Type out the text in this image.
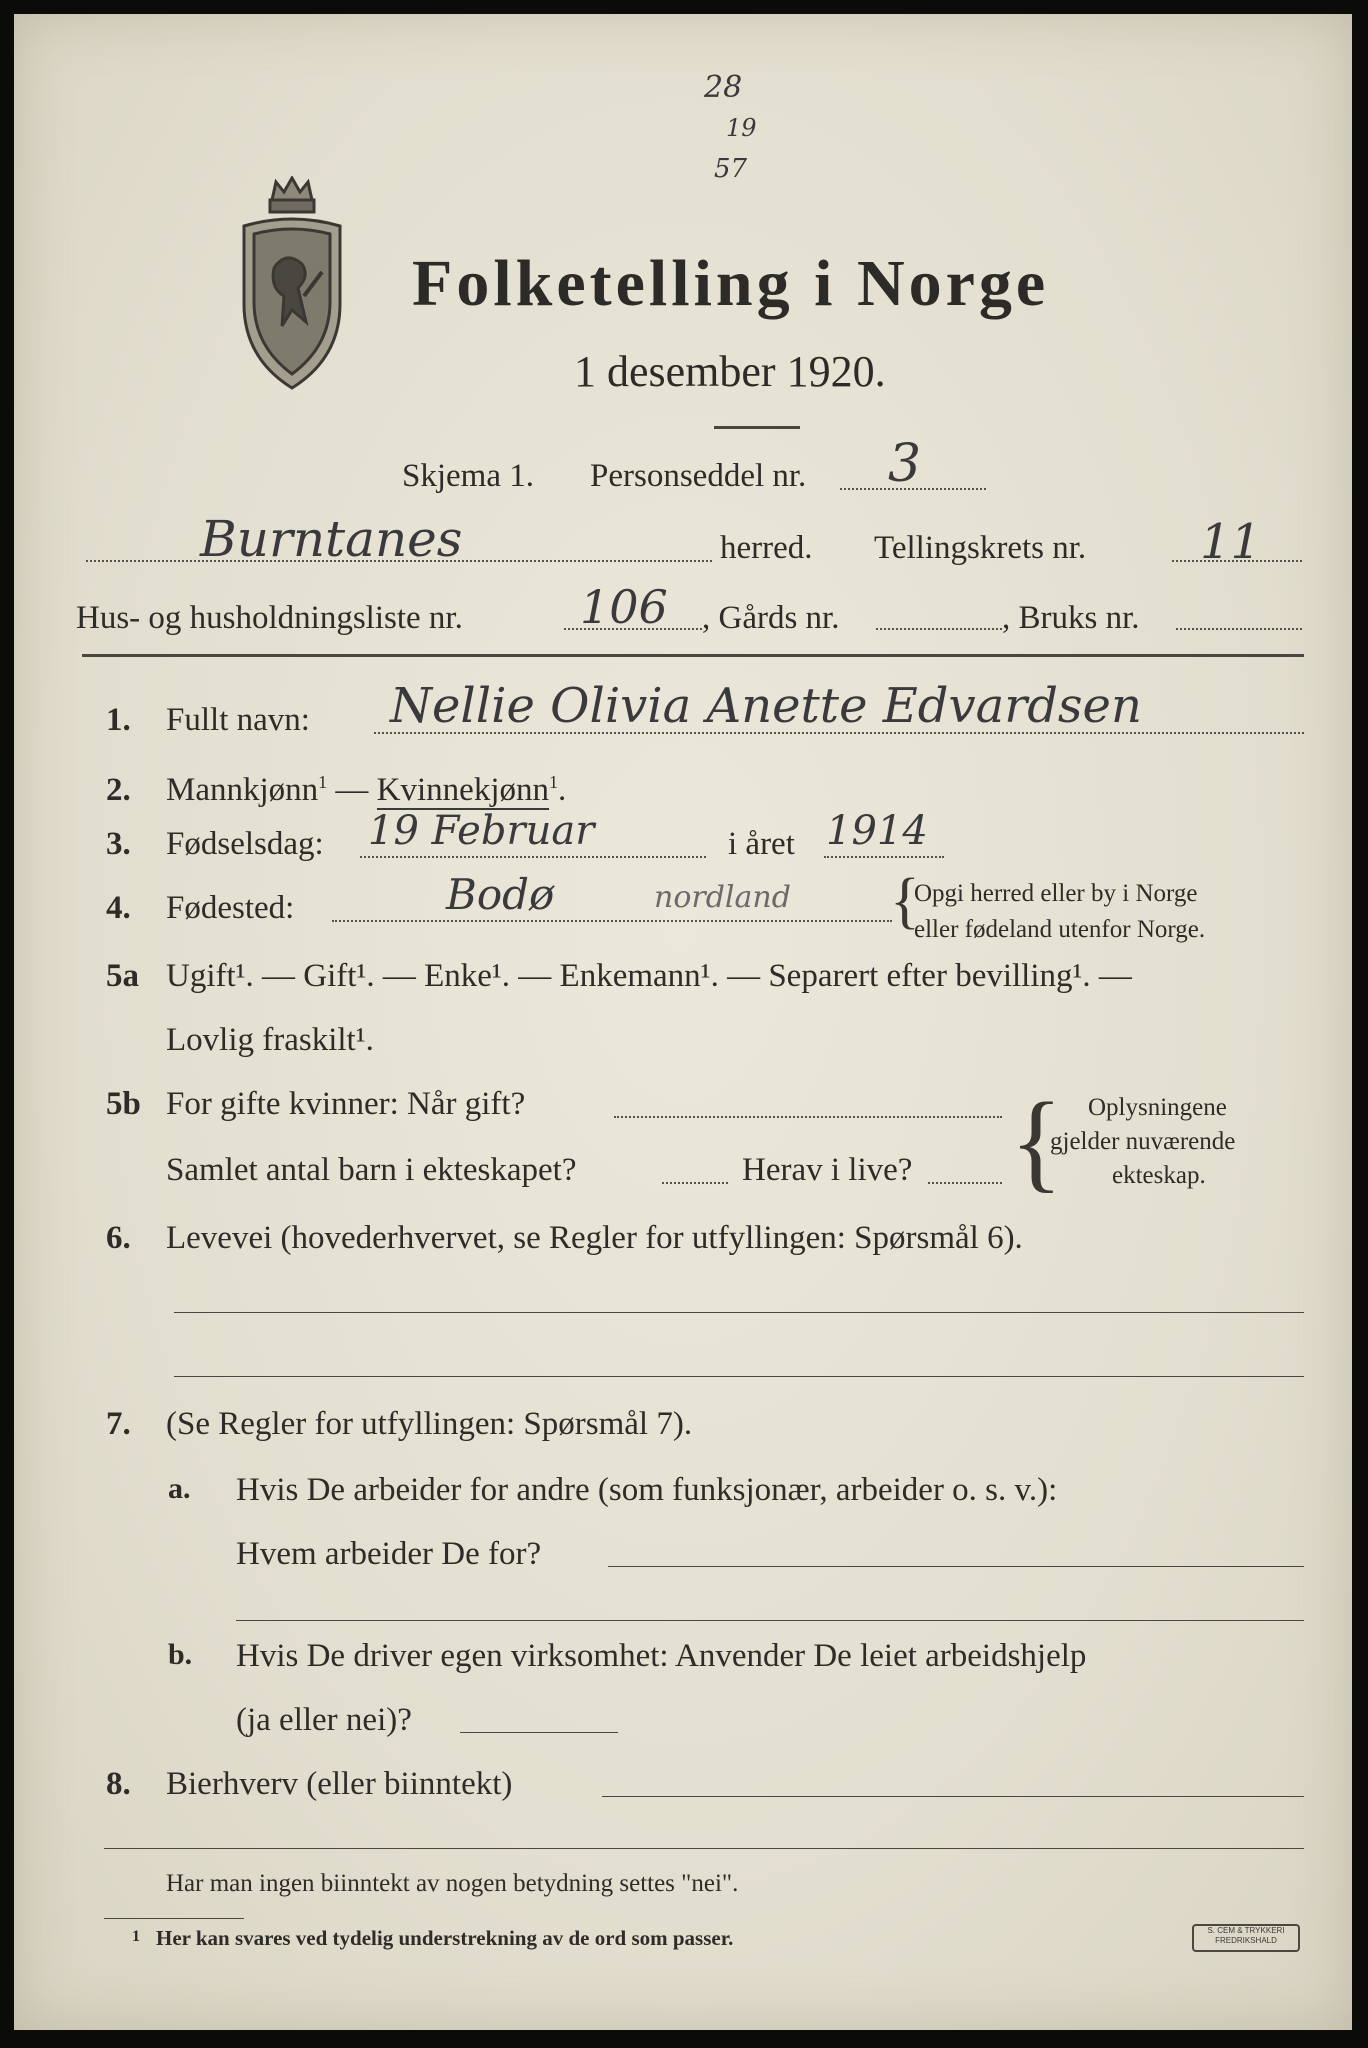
28
19
57
Folketelling i Norge
1 desember 1920.
Skjema 1. Personseddel nr. 3
Burntanes	herred. Tellingskrets nr. 11
Hus- og husholdningsliste nr.	106 , Gårds nr.	, Bruks nr.
1. Fullt navn: Nellie Olivia Anette Edvardsen
2. Mannkjønn$^1$ — Kvinnekjønn$^1$.
3. Fødselsdag: 19 Februar	i året 1914
4. Fødested:	Bodø	nordland {
Opgi herred eller by i Norge
eller fødeland utenfor Norge.
5a Ugift¹. — Gift¹. — Enke¹. — Enkemann¹. — Separert efter bevilling¹. —
Lovlig fraskilt¹.
5b For gifte kvinner: Når gift?
Samlet antal barn i ekteskapet?	Herav i live? { Oplysningene
gjelder nuværende
ekteskap.
6. Levevei (hovederhvervet, se Regler for utfyllingen: Spørsmål 6).
7. (Se Regler for utfyllingen: Spørsmål 7).
a. Hvis De arbeider for andre (som funksjonær, arbeider o. s. v.):
Hvem arbeider De for?
b. Hvis De driver egen virksomhet: Anvender De leiet arbeidshjelp
(ja eller nei)?
8. Bierhverv (eller biinntekt)
Har man ingen biinntekt av nogen betydning settes "nei".
1 Her kan svares ved tydelig understrekning av de ord som passer.	S. CEM & TRYKKERI
FREDRIKSHALD
